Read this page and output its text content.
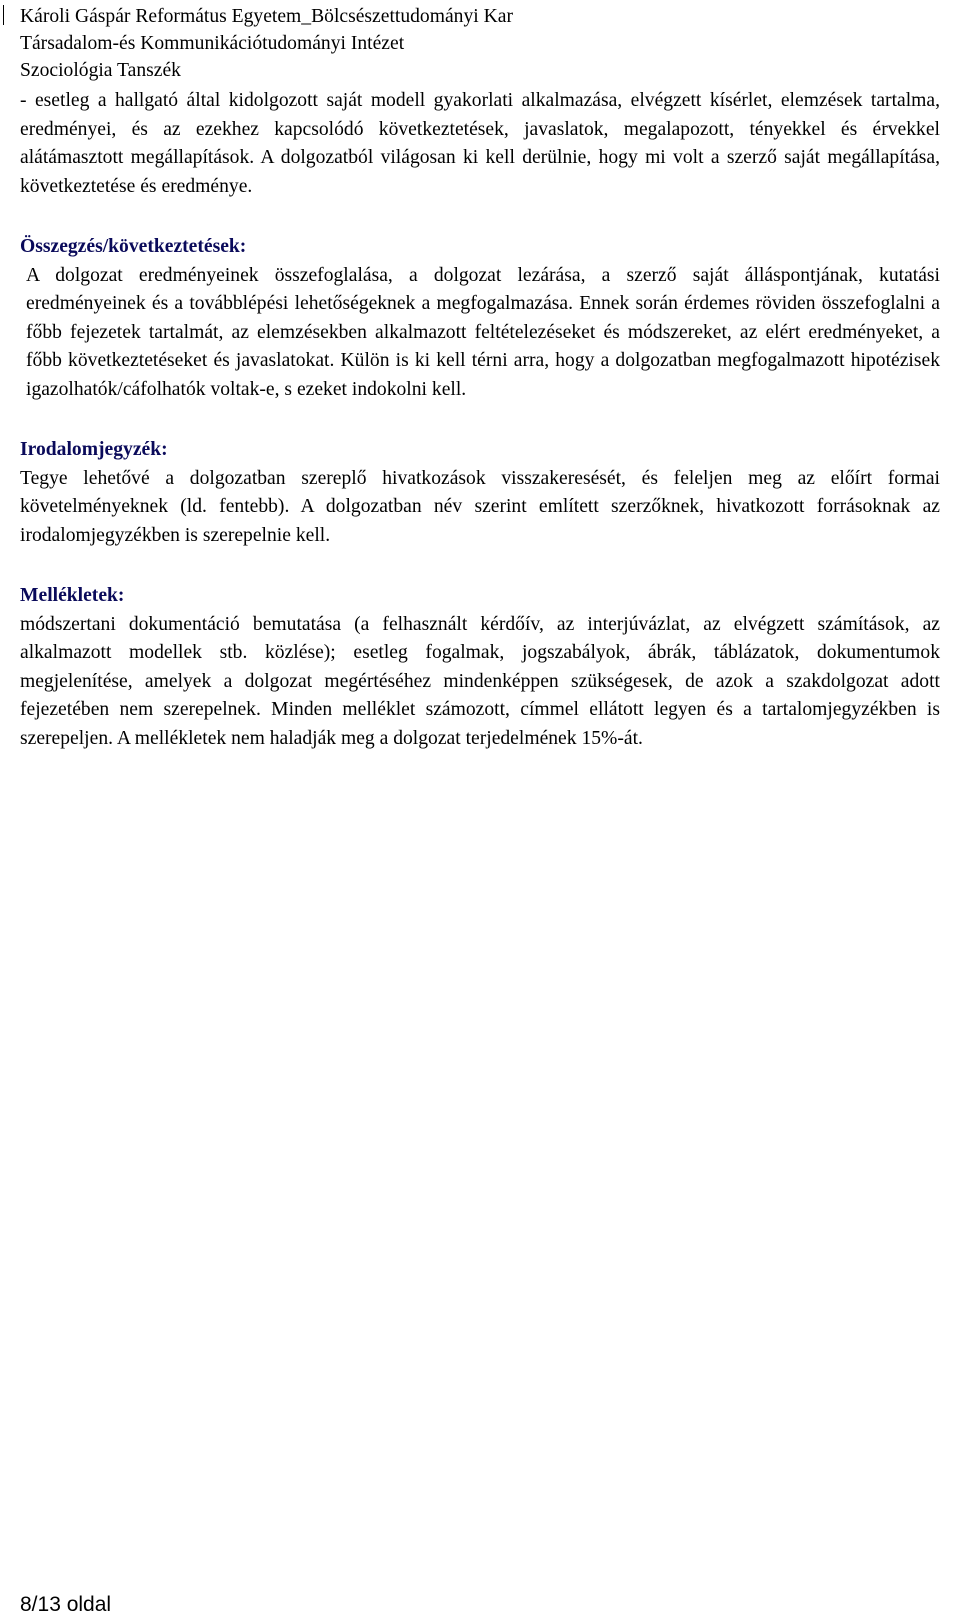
Károli Gáspár Református Egyetem_Bölcsészettudományi Kar
Társadalom-és Kommunikációtudományi Intézet
Szociológia Tanszék

- esetleg a hallgató által kidolgozott saját modell gyakorlati alkalmazása, elvégzett kísérlet, elemzések tartalma, eredményei, és az ezekhez kapcsolódó következtetések, javaslatok, megalapozott, tényekkel és érvekkel alátámasztott megállapítások. A dolgozatból világosan ki kell derülnie, hogy mi volt a szerző saját megállapítása, következtetése és eredménye.

Összegzés/következtetések:

A dolgozat eredményeinek összefoglalása, a dolgozat lezárása, a szerző saját álláspontjának, kutatási eredményeinek és a továbblépési lehetőségeknek a megfogalmazása. Ennek során érdemes röviden összefoglalni a főbb fejezetek tartalmát, az elemzésekben alkalmazott feltételezéseket és módszereket, az elért eredményeket, a főbb következtetéseket és javaslatokat. Külön is ki kell térni arra, hogy a dolgozatban megfogalmazott hipotézisek igazolhatók/cáfolhatók voltak-e, s ezeket indokolni kell.

Irodalomjegyzék:

Tegye lehetővé a dolgozatban szereplő hivatkozások visszakeresését, és feleljen meg az előírt formai követelményeknek (ld. fentebb). A dolgozatban név szerint említett szerzőknek, hivatkozott forrásoknak az irodalomjegyzékben is szerepelnie kell.

Mellékletek:

módszertani dokumentáció bemutatása (a felhasznált kérdőív, az interjúvázlat, az elvégzett számítások, az alkalmazott modellek stb. közlése); esetleg fogalmak, jogszabályok, ábrák, táblázatok, dokumentumok megjelenítése, amelyek a dolgozat megértéséhez mindenképpen szükségesek, de azok a szakdolgozat adott fejezetében nem szerepelnek. Minden melléklet számozott, címmel ellátott legyen és a tartalomjegyzékben is szerepeljen. A mellékletek nem haladják meg a dolgozat terjedelmének 15%-át.

8/13 oldal
